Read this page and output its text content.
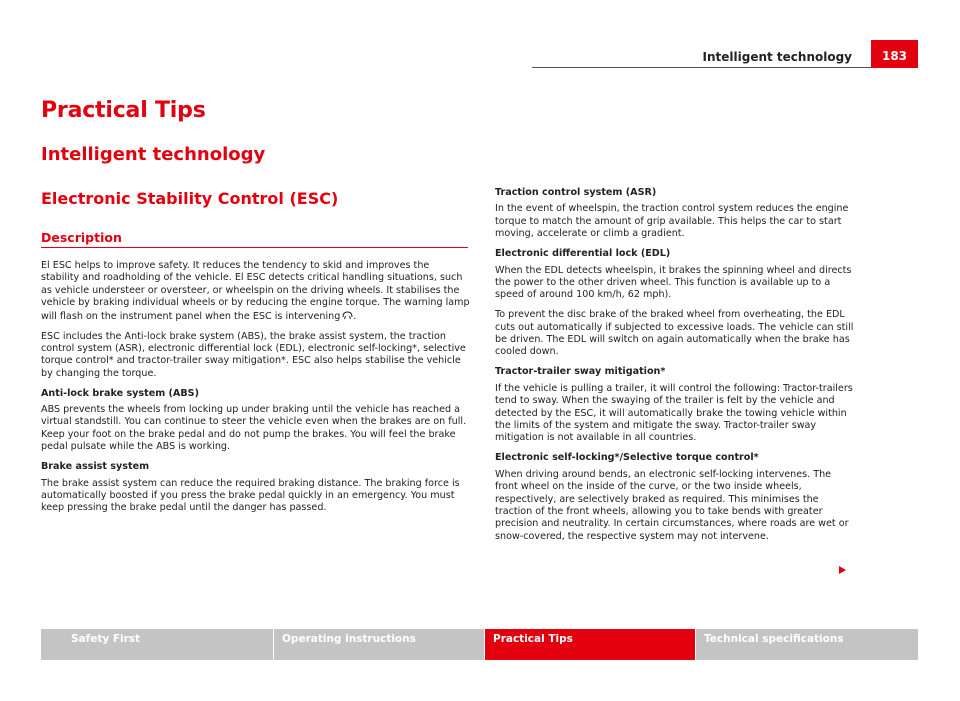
Intelligent technology	183
Practical Tips
Intelligent technology
Electronic Stability Control (ESC)
Description

El ESC helps to improve safety. It reduces the tendency to skid and improves the stability and roadholding of the vehicle. El ESC detects critical handling situations, such as vehicle understeer or oversteer, or wheelspin on the driving wheels. It stabilises the vehicle by braking individual wheels or by reducing the engine torque. The warning lamp will flash on the instrument panel when the ESC is intervening .

ESC includes the Anti-lock brake system (ABS), the brake assist system, the traction control system (ASR), electronic differential lock (EDL), electronic self-locking*, selective torque control* and tractor-trailer sway mitigation*. ESC also helps stabilise the vehicle by changing the torque.

Anti-lock brake system (ABS)

ABS prevents the wheels from locking up under braking until the vehicle has reached a virtual standstill. You can continue to steer the vehicle even when the brakes are on full. Keep your foot on the brake pedal and do not pump the brakes. You will feel the brake pedal pulsate while the ABS is working.

Brake assist system

The brake assist system can reduce the required braking distance. The braking force is automatically boosted if you press the brake pedal quickly in an emergency. You must keep pressing the brake pedal until the danger has passed.

Traction control system (ASR)

In the event of wheelspin, the traction control system reduces the engine torque to match the amount of grip available. This helps the car to start moving, accelerate or climb a gradient.

Electronic differential lock (EDL)

When the EDL detects wheelspin, it brakes the spinning wheel and directs the power to the other driven wheel. This function is available up to a speed of around 100 km/h, 62 mph).

To prevent the disc brake of the braked wheel from overheating, the EDL cuts out automatically if subjected to excessive loads. The vehicle can still be driven. The EDL will switch on again automatically when the brake has cooled down.

Tractor-trailer sway mitigation*

If the vehicle is pulling a trailer, it will control the following: Tractor-trailers tend to sway. When the swaying of the trailer is felt by the vehicle and detected by the ESC, it will automatically brake the towing vehicle within the limits of the system and mitigate the sway. Tractor-trailer sway mitigation is not available in all countries.

Electronic self-locking*/Selective torque control*

When driving around bends, an electronic self-locking intervenes. The front wheel on the inside of the curve, or the two inside wheels, respectively, are selectively braked as required. This minimises the traction of the front wheels, allowing you to take bends with greater precision and neutrality. In certain circumstances, where roads are wet or snow-covered, the respective system may not intervene.

Safety First	Operating instructions	Practical Tips	Technical specifications
